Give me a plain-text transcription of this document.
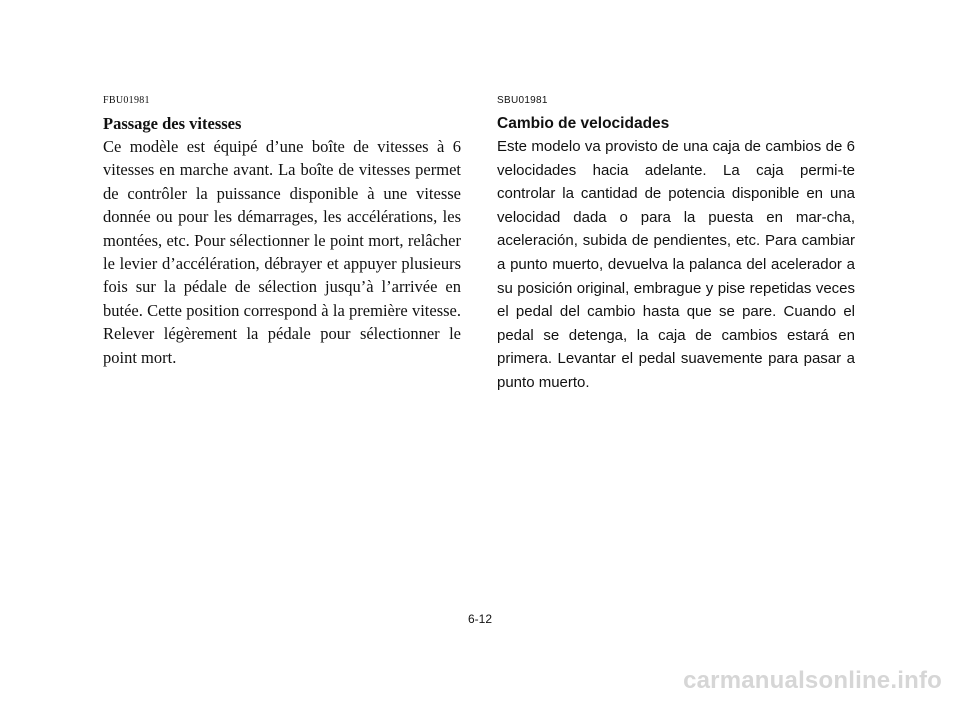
FBU01981
Passage des vitesses
Ce modèle est équipé d’une boîte de vitesses à 6 vitesses en marche avant. La boîte de vitesses permet de contrôler la puissance disponible à une vitesse donnée ou pour les démarrages, les accélérations, les montées, etc. Pour sélectionner le point mort, relâcher le levier d’accélération, débrayer et appuyer plusieurs fois sur la pédale de sélection jusqu’à l’arrivée en butée. Cette position correspond à la première vitesse. Relever légèrement la pédale pour sélectionner le point mort.
SBU01981
Cambio de velocidades
Este modelo va provisto de una caja de cambios de 6 velocidades hacia adelante. La caja permi-te controlar la cantidad de potencia disponible en una velocidad dada o para la puesta en mar-cha, aceleración, subida de pendientes, etc. Para cambiar a punto muerto, devuelva la palanca del acelerador a su posición original, embrague y pise repetidas veces el pedal del cambio hasta que se pare. Cuando el pedal se detenga, la caja de cambios estará en primera. Levantar el pedal suavemente para pasar a punto muerto.
6-12
carmanualsonline.info
